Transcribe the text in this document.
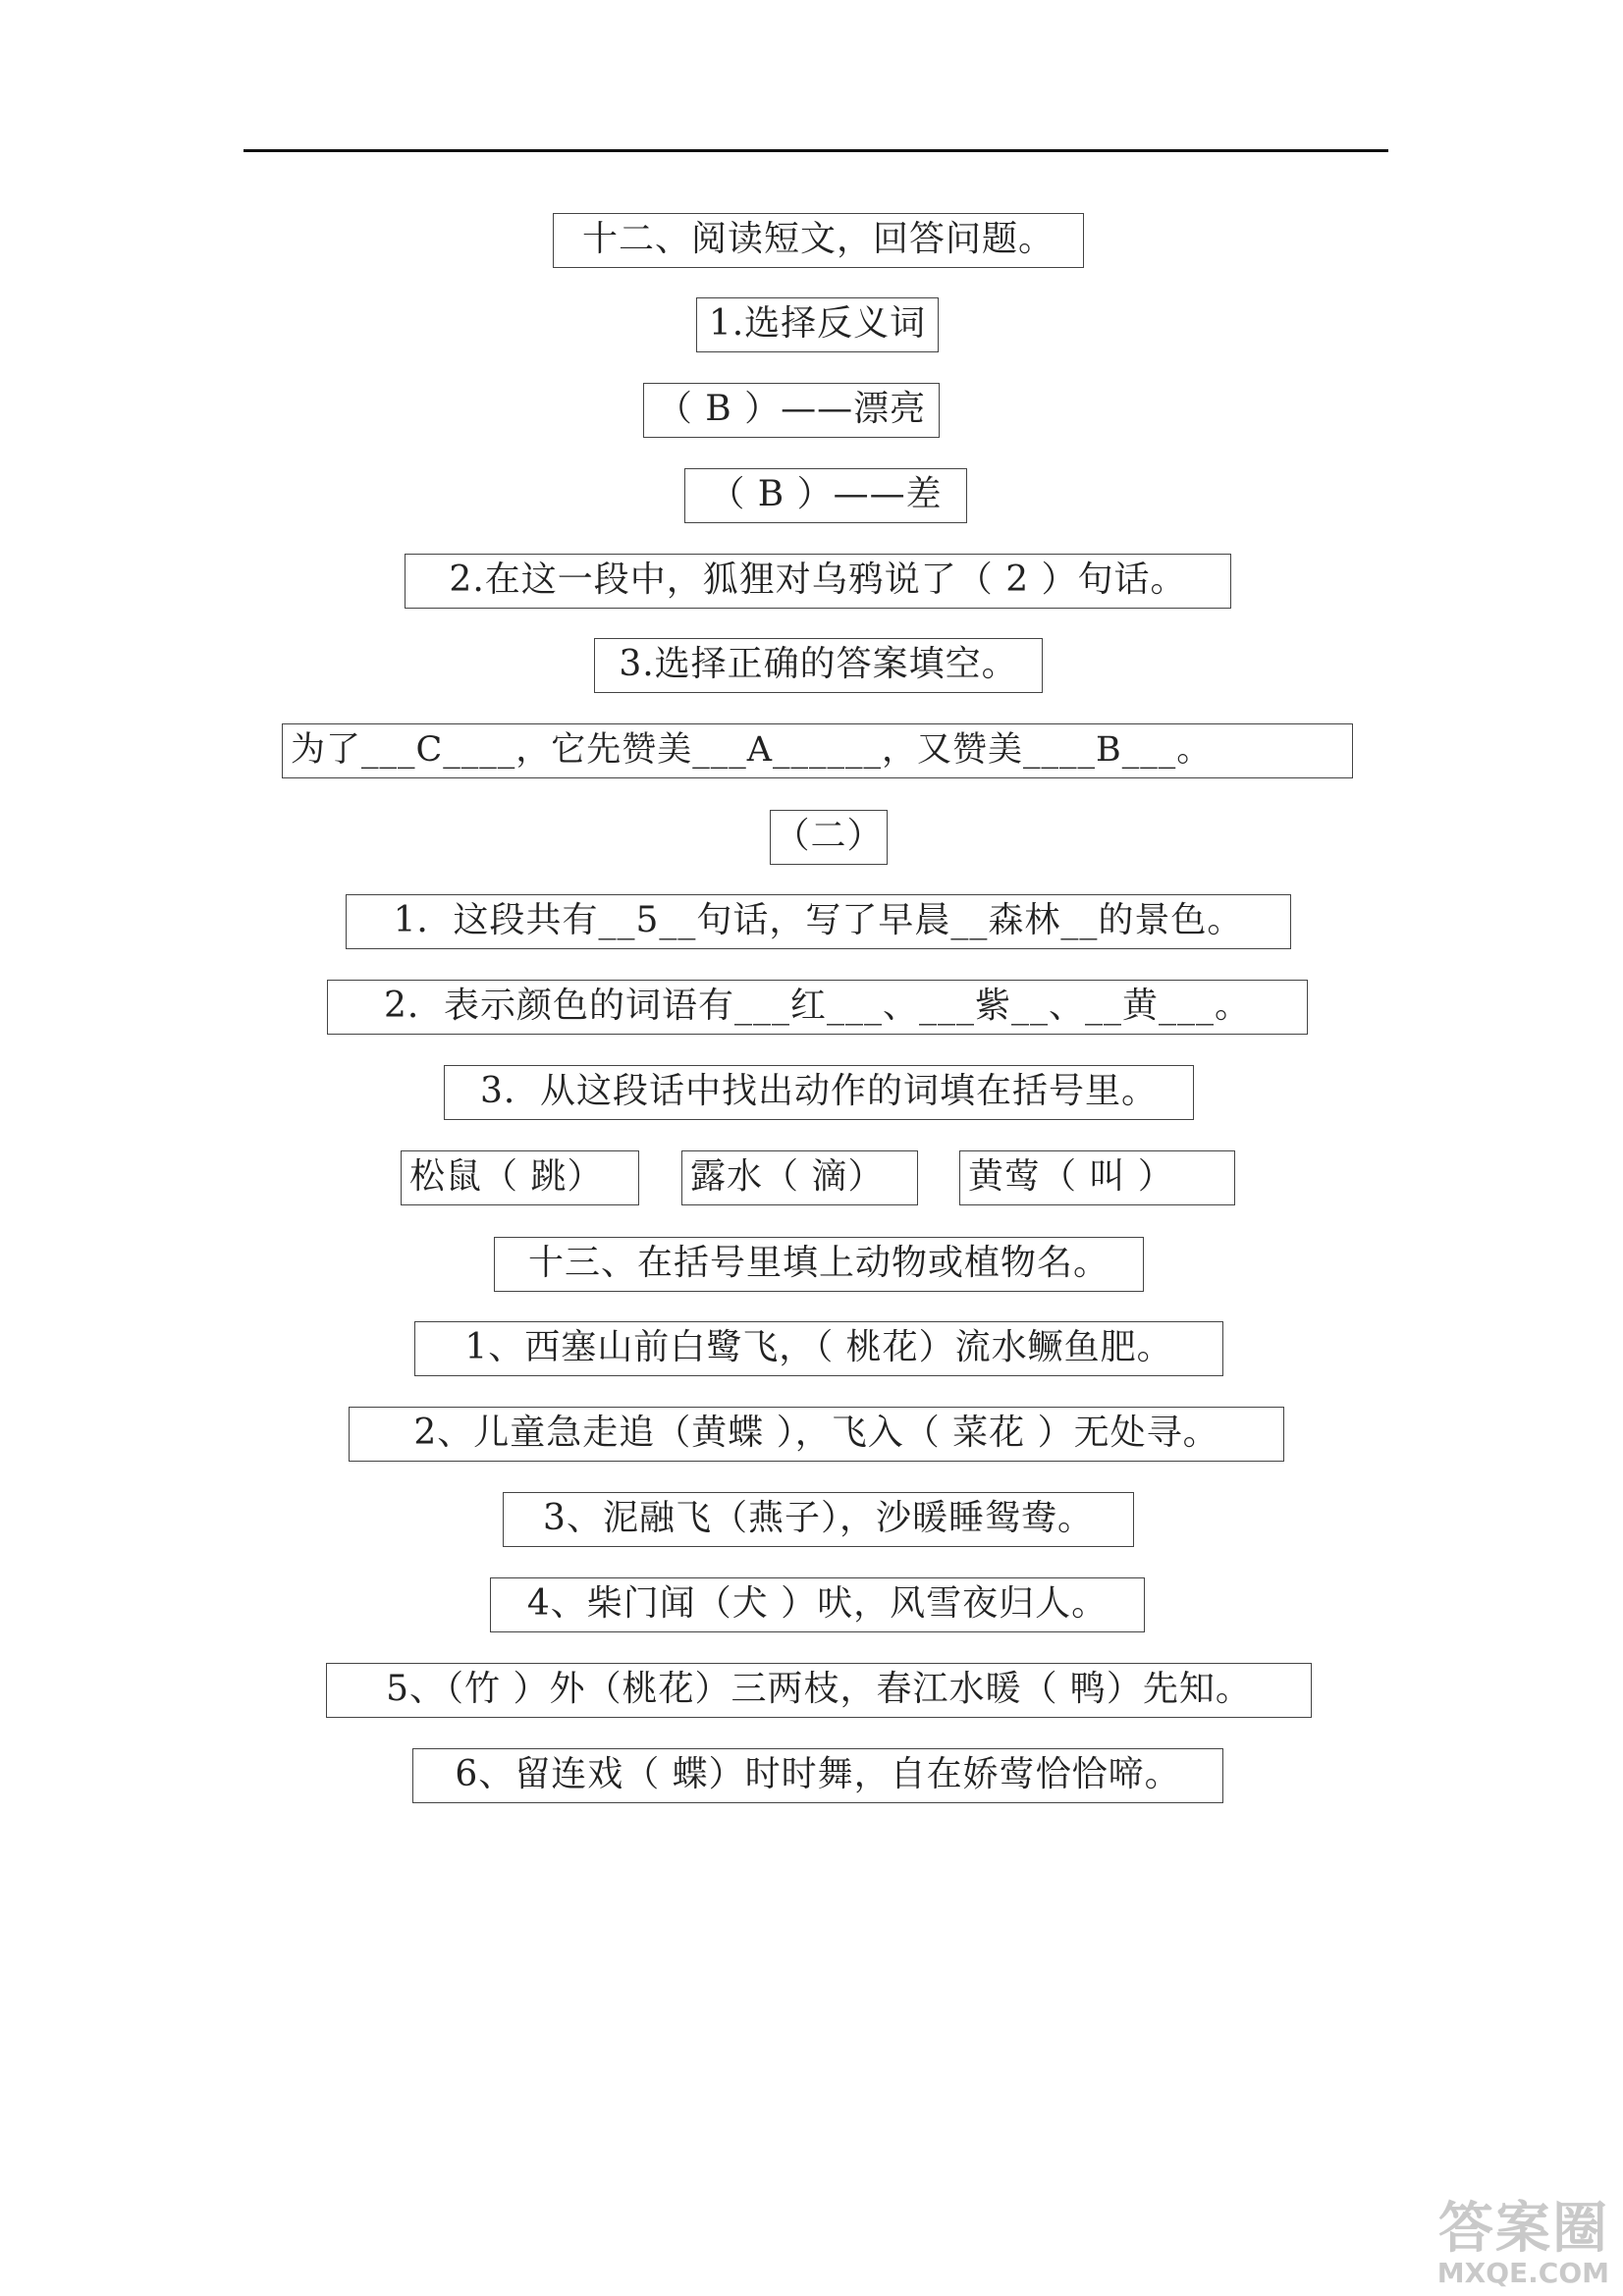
十二、阅读短文，回答问题。
1.选择反义词
（ B ）——漂亮
（ B ）——差
2.在这一段中，狐狸对乌鸦说了（ 2 ）句话。
3.选择正确的答案填空。
为了___C____，它先赞美___A______，又赞美____B___。
（二）
1．这段共有__5__句话，写了早晨__森林__的景色。
2．表示颜色的词语有___红___、___紫__、__黄___。
3．从这段话中找出动作的词填在括号里。
松鼠（ 跳）	露水（ 滴）	黄莺（ 叫 ）
十三、在括号里填上动物或植物名。
1、西塞山前白鹭飞，（ 桃花）流水鳜鱼肥。
2、儿童急走追（黄蝶 ），飞入（ 菜花 ）无处寻。
3、泥融飞（燕子），沙暖睡鸳鸯。
4、柴门闻（犬 ）吠，风雪夜归人。
5、（竹 ）外（桃花）三两枝，春江水暖（ 鸭）先知。
6、留连戏（ 蝶）时时舞，自在娇莺恰恰啼。
答案圈
MXQE.COM
